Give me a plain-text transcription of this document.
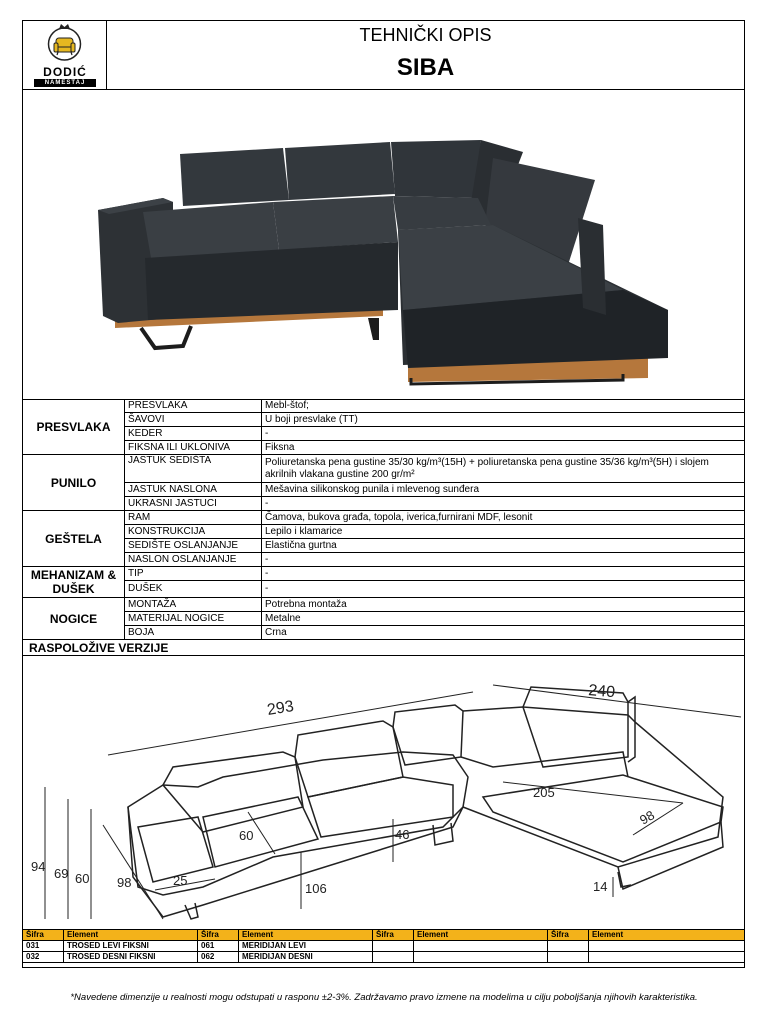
DODIĆ
NAMEŠTAJ
TEHNIČKI OPIS
SIBA
PRESVLAKA	PRESVLAKA	Mebl-štof;
	ŠAVOVI	U boji presvlake (TT)
	KEDER	-
	FIKSNA ILI UKLONIVA	Fiksna
PUNILO	JASTUK SEDIŠTA	Poliuretanska pena gustine 35/30 kg/m³(15H) + poliuretanska pena gustine 35/36 kg/m³(5H) i slojem akrilnih vlakana gustine 200 gr/m²
	JASTUK NASLONA	Mešavina silikonskog punila i mlevenog sunđera
	UKRASNI JASTUCI	-
GEŠTELA	RAM	Čamova, bukova građa, topola, iverica,furnirani MDF, lesonit
	KONSTRUKCIJA	Lepilo i klamarice
	SEDIŠTE OSLANJANJE	Elastična gurtna
	NASLON OSLANJANJE	-
MEHANIZAM & DUŠEK	TIP	-
	DUŠEK	-
NOGICE	MONTAŽA	Potrebna montaža
	MATERIJAL NOGICE	Metalne
	BOJA	Crna
RASPOLOŽIVE VERZIJE
293
240
94 69 60 98	25
60	46
106
205
98
14
Šifra	Element	Šifra	Element	Šifra	Element	Šifra	Element
031	TROSED LEVI FIKSNI	061	MERIDIJAN LEVI				
032	TROSED DESNI FIKSNI	062	MERIDIJAN DESNI				
*Navedene dimenzije u realnosti mogu odstupati u rasponu ±2-3%. Zadržavamo pravo izmene na modelima u cilju poboljšanja njihovih karakteristika.
